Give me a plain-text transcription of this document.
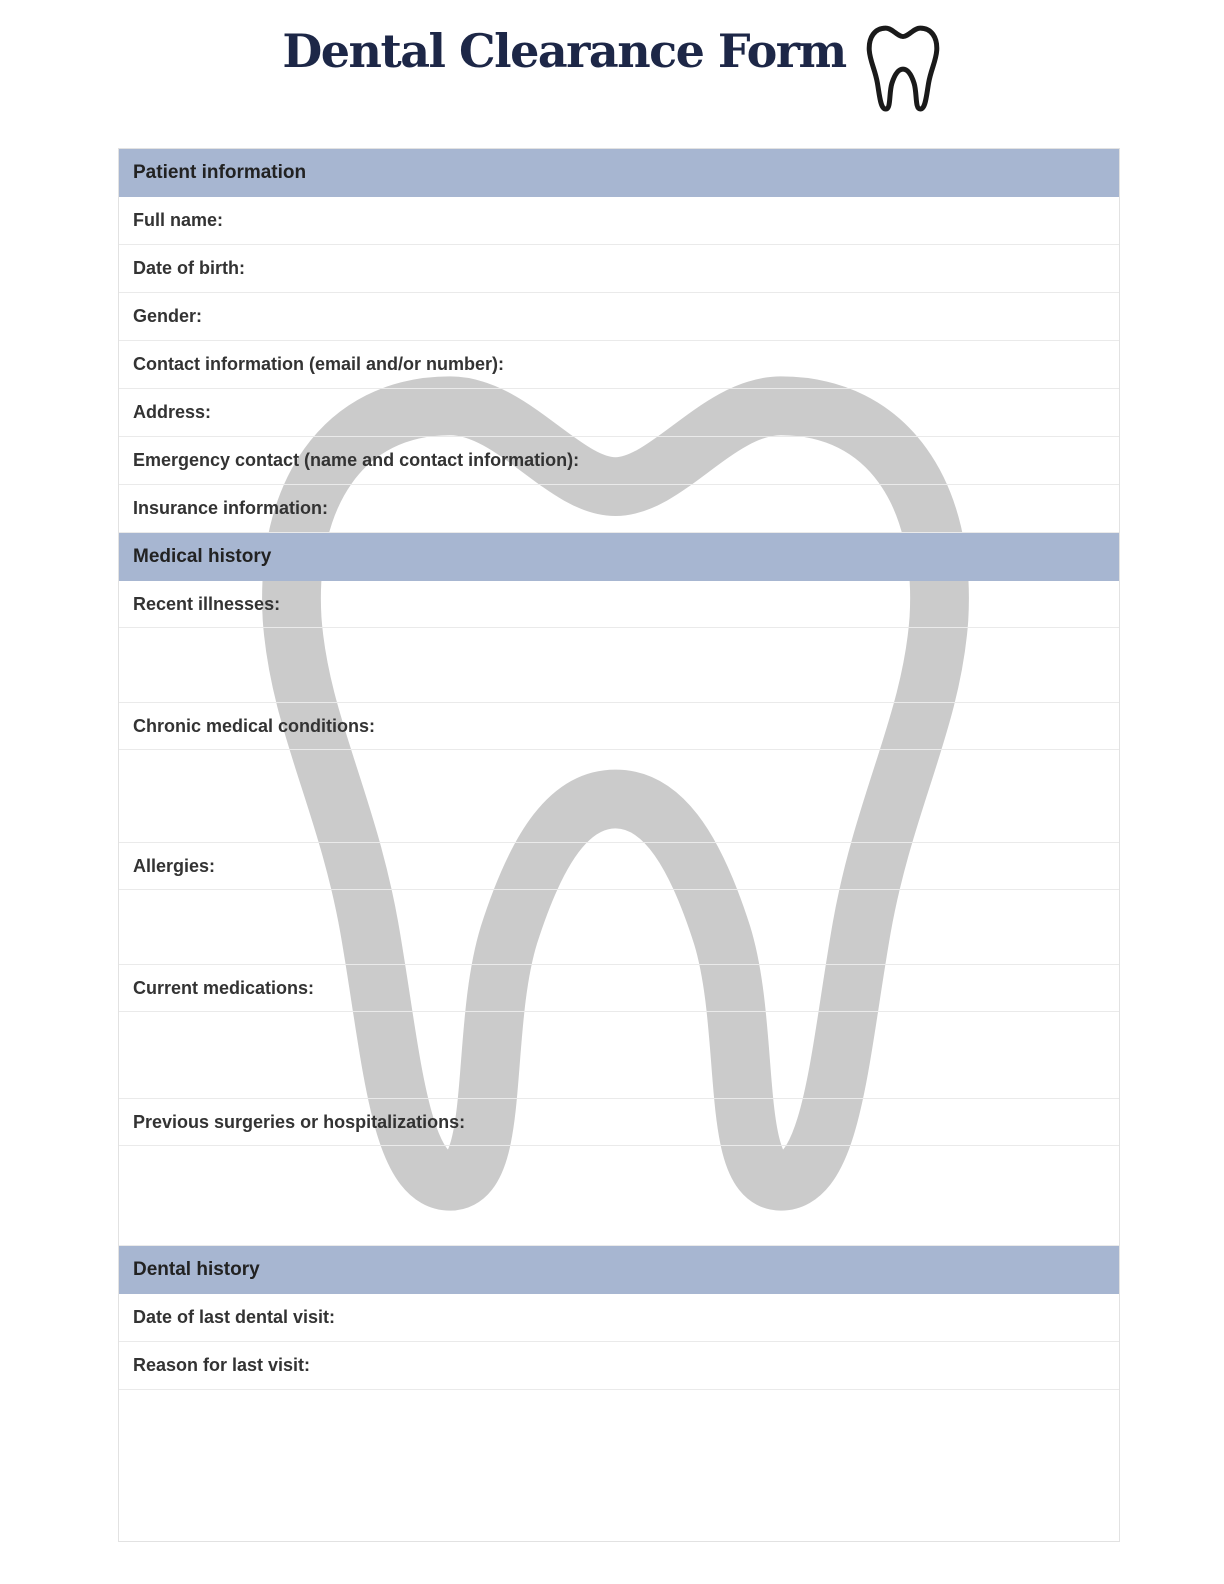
Dental Clearance Form
Patient information
Full name:
Date of birth:
Gender:
Contact information (email and/or number):
Address:
Emergency contact (name and contact information):
Insurance information:
Medical history
Recent illnesses:
Chronic medical conditions:
Allergies:
Current medications:
Previous surgeries or hospitalizations:
Dental history
Date of last dental visit:
Reason for last visit:
